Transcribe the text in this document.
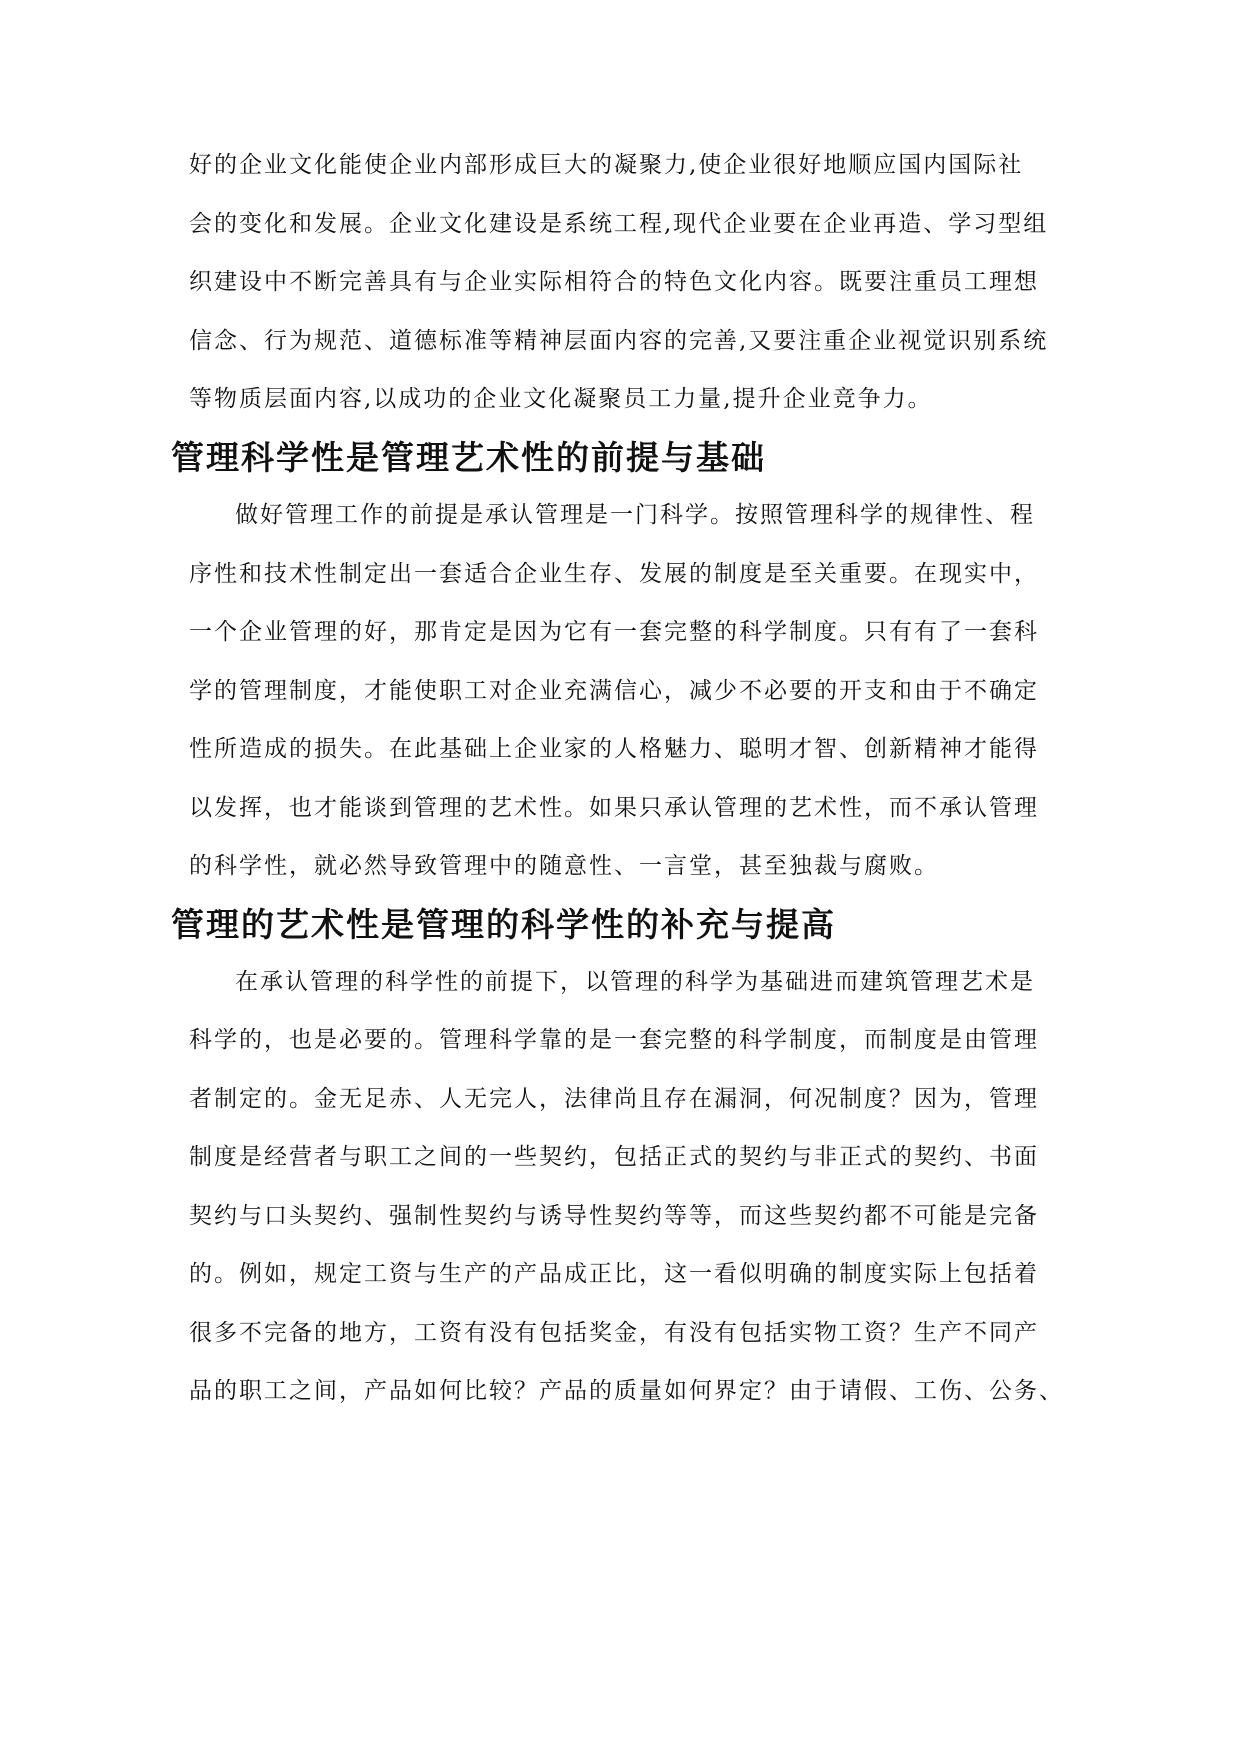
好的企业文化能使企业内部形成巨大的凝聚力,使企业很好地顺应国内国际社
会的变化和发展。企业文化建设是系统工程,现代企业要在企业再造、学习型组
织建设中不断完善具有与企业实际相符合的特色文化内容。既要注重员工理想
信念、行为规范、道德标准等精神层面内容的完善,又要注重企业视觉识别系统
等物质层面内容,以成功的企业文化凝聚员工力量,提升企业竞争力。
管理科学性是管理艺术性的前提与基础
做好管理工作的前提是承认管理是一门科学。按照管理科学的规律性、程
序性和技术性制定出一套适合企业生存、发展的制度是至关重要。在现实中，
一个企业管理的好，那肯定是因为它有一套完整的科学制度。只有有了一套科
学的管理制度，才能使职工对企业充满信心，减少不必要的开支和由于不确定
性所造成的损失。在此基础上企业家的人格魅力、聪明才智、创新精神才能得
以发挥，也才能谈到管理的艺术性。如果只承认管理的艺术性，而不承认管理
的科学性，就必然导致管理中的随意性、一言堂，甚至独裁与腐败。
管理的艺术性是管理的科学性的补充与提高
在承认管理的科学性的前提下，以管理的科学为基础进而建筑管理艺术是
科学的，也是必要的。管理科学靠的是一套完整的科学制度，而制度是由管理
者制定的。金无足赤、人无完人，法律尚且存在漏洞，何况制度？因为，管理
制度是经营者与职工之间的一些契约，包括正式的契约与非正式的契约、书面
契约与口头契约、强制性契约与诱导性契约等等，而这些契约都不可能是完备
的。例如，规定工资与生产的产品成正比，这一看似明确的制度实际上包括着
很多不完备的地方，工资有没有包括奖金，有没有包括实物工资？生产不同产
品的职工之间，产品如何比较？产品的质量如何界定？由于请假、工伤、公务、
